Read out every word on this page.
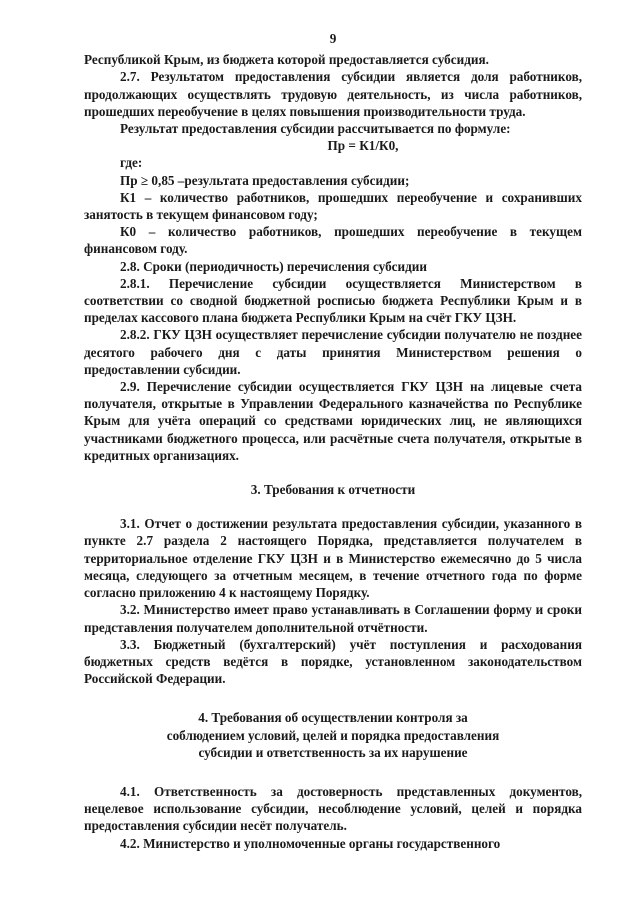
9

Республикой Крым, из бюджета которой предоставляется субсидия.

2.7. Результатом предоставления субсидии является доля работников, продолжающих осуществлять трудовую деятельность, из числа работников, прошедших переобучение в целях повышения производительности труда.

Результат предоставления субсидии рассчитывается по формуле:

Пр = К1/К0,

где:

Пр ≥ 0,85 –результата предоставления субсидии;

К1 – количество работников, прошедших переобучение и сохранивших занятость в текущем финансовом году;

К0 – количество работников, прошедших переобучение в текущем финансовом году.

2.8. Сроки (периодичность) перечисления субсидии

2.8.1. Перечисление субсидии осуществляется Министерством в соответствии со сводной бюджетной росписью бюджета Республики Крым и в пределах кассового плана бюджета Республики Крым на счёт ГКУ ЦЗН.

2.8.2. ГКУ ЦЗН осуществляет перечисление субсидии получателю не позднее десятого рабочего дня с даты принятия Министерством решения о предоставлении субсидии.

2.9. Перечисление субсидии осуществляется ГКУ ЦЗН на лицевые счета получателя, открытые в Управлении Федерального казначейства по Республике Крым для учёта операций со средствами юридических лиц, не являющихся участниками бюджетного процесса, или расчётные счета получателя, открытые в кредитных организациях.

3. Требования к отчетности

3.1. Отчет о достижении результата предоставления субсидии, указанного в пункте 2.7 раздела 2 настоящего Порядка, представляется получателем в территориальное отделение ГКУ ЦЗН и в Министерство ежемесячно до 5 числа месяца, следующего за отчетным месяцем, в течение отчетного года по форме согласно приложению 4 к настоящему Порядку.

3.2. Министерство имеет право устанавливать в Соглашении форму и сроки представления получателем дополнительной отчётности.

3.3. Бюджетный (бухгалтерский) учёт поступления и расходования бюджетных средств ведётся в порядке, установленном законодательством Российской Федерации.

4. Требования об осуществлении контроля за

соблюдением условий, целей и порядка предоставления

субсидии и ответственность за их нарушение

4.1. Ответственность за достоверность представленных документов, нецелевое использование субсидии, несоблюдение условий, целей и порядка предоставления субсидии несёт получатель.

4.2. Министерство и уполномоченные органы государственного
